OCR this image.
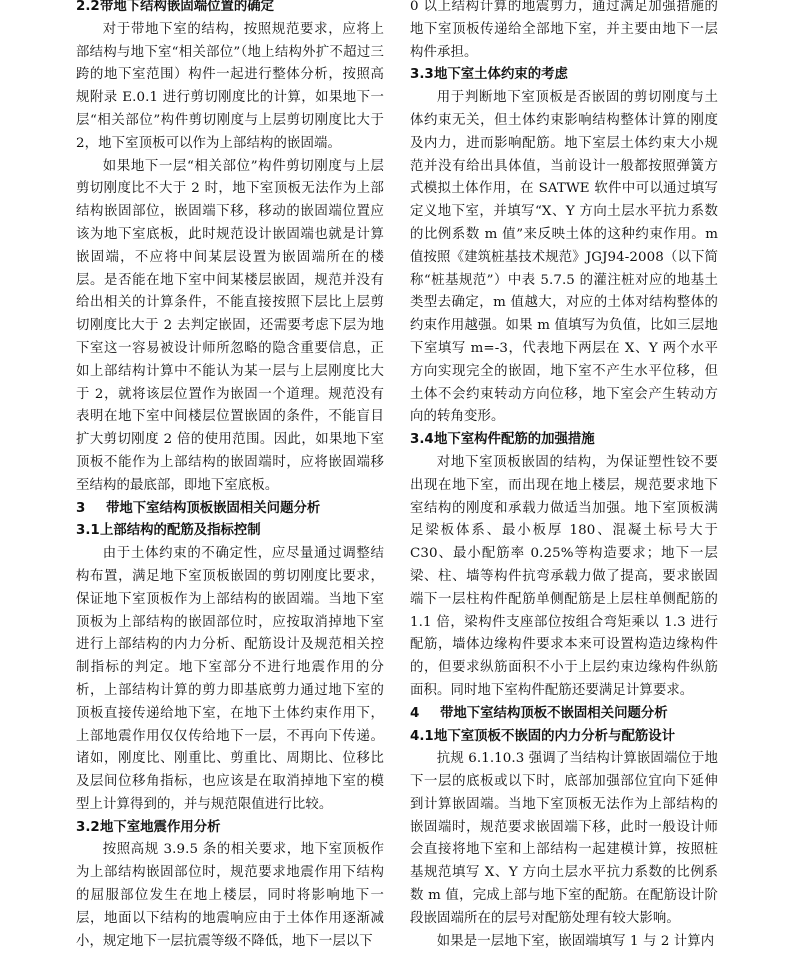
2.2带地下结构嵌固端位置的确定

对于带地下室的结构，按照规范要求，应将上部结构与地下室“相关部位”（地上结构外扩不超过三跨的地下室范围）构件一起进行整体分析，按照高规附录 E.0.1 进行剪切刚度比的计算，如果地下一层“相关部位”构件剪切刚度与上层剪切刚度比大于 2，地下室顶板可以作为上部结构的嵌固端。

如果地下一层“相关部位”构件剪切刚度与上层剪切刚度比不大于 2 时，地下室顶板无法作为上部结构嵌固部位，嵌固端下移，移动的嵌固端位置应该为地下室底板，此时规范设计嵌固端也就是计算嵌固端，不应将中间某层设置为嵌固端所在的楼层。是否能在地下室中间某楼层嵌固，规范并没有给出相关的计算条件，不能直接按照下层比上层剪切刚度比大于 2 去判定嵌固，还需要考虑下层为地下室这一容易被设计师所忽略的隐含重要信息，正如上部结构计算中不能认为某一层与上层刚度比大于 2，就将该层位置作为嵌固一个道理。规范没有表明在地下室中间楼层位置嵌固的条件，不能盲目扩大剪切刚度 2 倍的使用范围。因此，如果地下室顶板不能作为上部结构的嵌固端时，应将嵌固端移至结构的最底部，即地下室底板。

3 带地下室结构顶板嵌固相关问题分析

3.1上部结构的配筋及指标控制

由于土体约束的不确定性，应尽量通过调整结构布置，满足地下室顶板嵌固的剪切刚度比要求，保证地下室顶板作为上部结构的嵌固端。当地下室顶板为上部结构的嵌固部位时，应按取消掉地下室进行上部结构的内力分析、配筋设计及规范相关控制指标的判定。地下室部分不进行地震作用的分析，上部结构计算的剪力即基底剪力通过地下室的顶板直接传递给地下室，在地下土体约束作用下，上部地震作用仅仅传给地下一层，不再向下传递。诸如，刚度比、刚重比、剪重比、周期比、位移比及层间位移角指标，也应该是在取消掉地下室的模型上计算得到的，并与规范限值进行比较。

3.2地下室地震作用分析

按照高规 3.9.5 条的相关要求，地下室顶板作为上部结构嵌固部位时，规范要求地震作用下结构的屈服部位发生在地上楼层，同时将影响地下一层，地面以下结构的地震响应由于土体作用逐渐减小，规定地下一层抗震等级不降低，地下一层以下

0 以上结构计算的地震剪力，通过满足加强措施的地下室顶板传递给全部地下室，并主要由地下一层构件承担。

3.3地下室土体约束的考虑

用于判断地下室顶板是否嵌固的剪切刚度与土体约束无关，但土体约束影响结构整体计算的刚度及内力，进而影响配筋。地下室层土体约束大小规范并没有给出具体值，当前设计一般都按照弹簧方式模拟土体作用，在 SATWE 软件中可以通过填写定义地下室，并填写“X、Y 方向土层水平抗力系数的比例系数 m 值”来反映土体的这种约束作用。m 值按照《建筑桩基技术规范》JGJ94-2008（以下简称“桩基规范”）中表 5.7.5 的灌注桩对应的地基土类型去确定，m 值越大，对应的土体对结构整体的约束作用越强。如果 m 值填写为负值，比如三层地下室填写 m=-3，代表地下两层在 X、Y 两个水平方向实现完全的嵌固，地下室不产生水平位移，但土体不会约束转动方向位移，地下室会产生转动方向的转角变形。

3.4地下室构件配筋的加强措施

对地下室顶板嵌固的结构，为保证塑性铰不要出现在地下室，而出现在地上楼层，规范要求地下室结构的刚度和承载力做适当加强。地下室顶板满足梁板体系、最小板厚 180、混凝土标号大于 C30、最小配筋率 0.25%等构造要求；地下一层梁、柱、墙等构件抗弯承载力做了提高，要求嵌固端下一层柱构件配筋单侧配筋是上层柱单侧配筋的 1.1 倍，梁构件支座部位按组合弯矩乘以 1.3 进行配筋，墙体边缘构件要求本来可设置构造边缘构件的，但要求纵筋面积不小于上层约束边缘构件纵筋面积。同时地下室构件配筋还要满足计算要求。

4 带地下室结构顶板不嵌固相关问题分析

4.1地下室顶板不嵌固的内力分析与配筋设计

抗规 6.1.10.3 强调了当结构计算嵌固端位于地下一层的底板或以下时，底部加强部位宜向下延伸到计算嵌固端。当地下室顶板无法作为上部结构的嵌固端时，规范要求嵌固端下移，此时一般设计师会直接将地下室和上部结构一起建模计算，按照桩基规范填写 X、Y 方向土层水平抗力系数的比例系数 m 值，完成上部与地下室的配筋。在配筋设计阶段嵌固端所在的层号对配筋处理有较大影响。

如果是一层地下室，嵌固端填写 1 与 2 计算内
